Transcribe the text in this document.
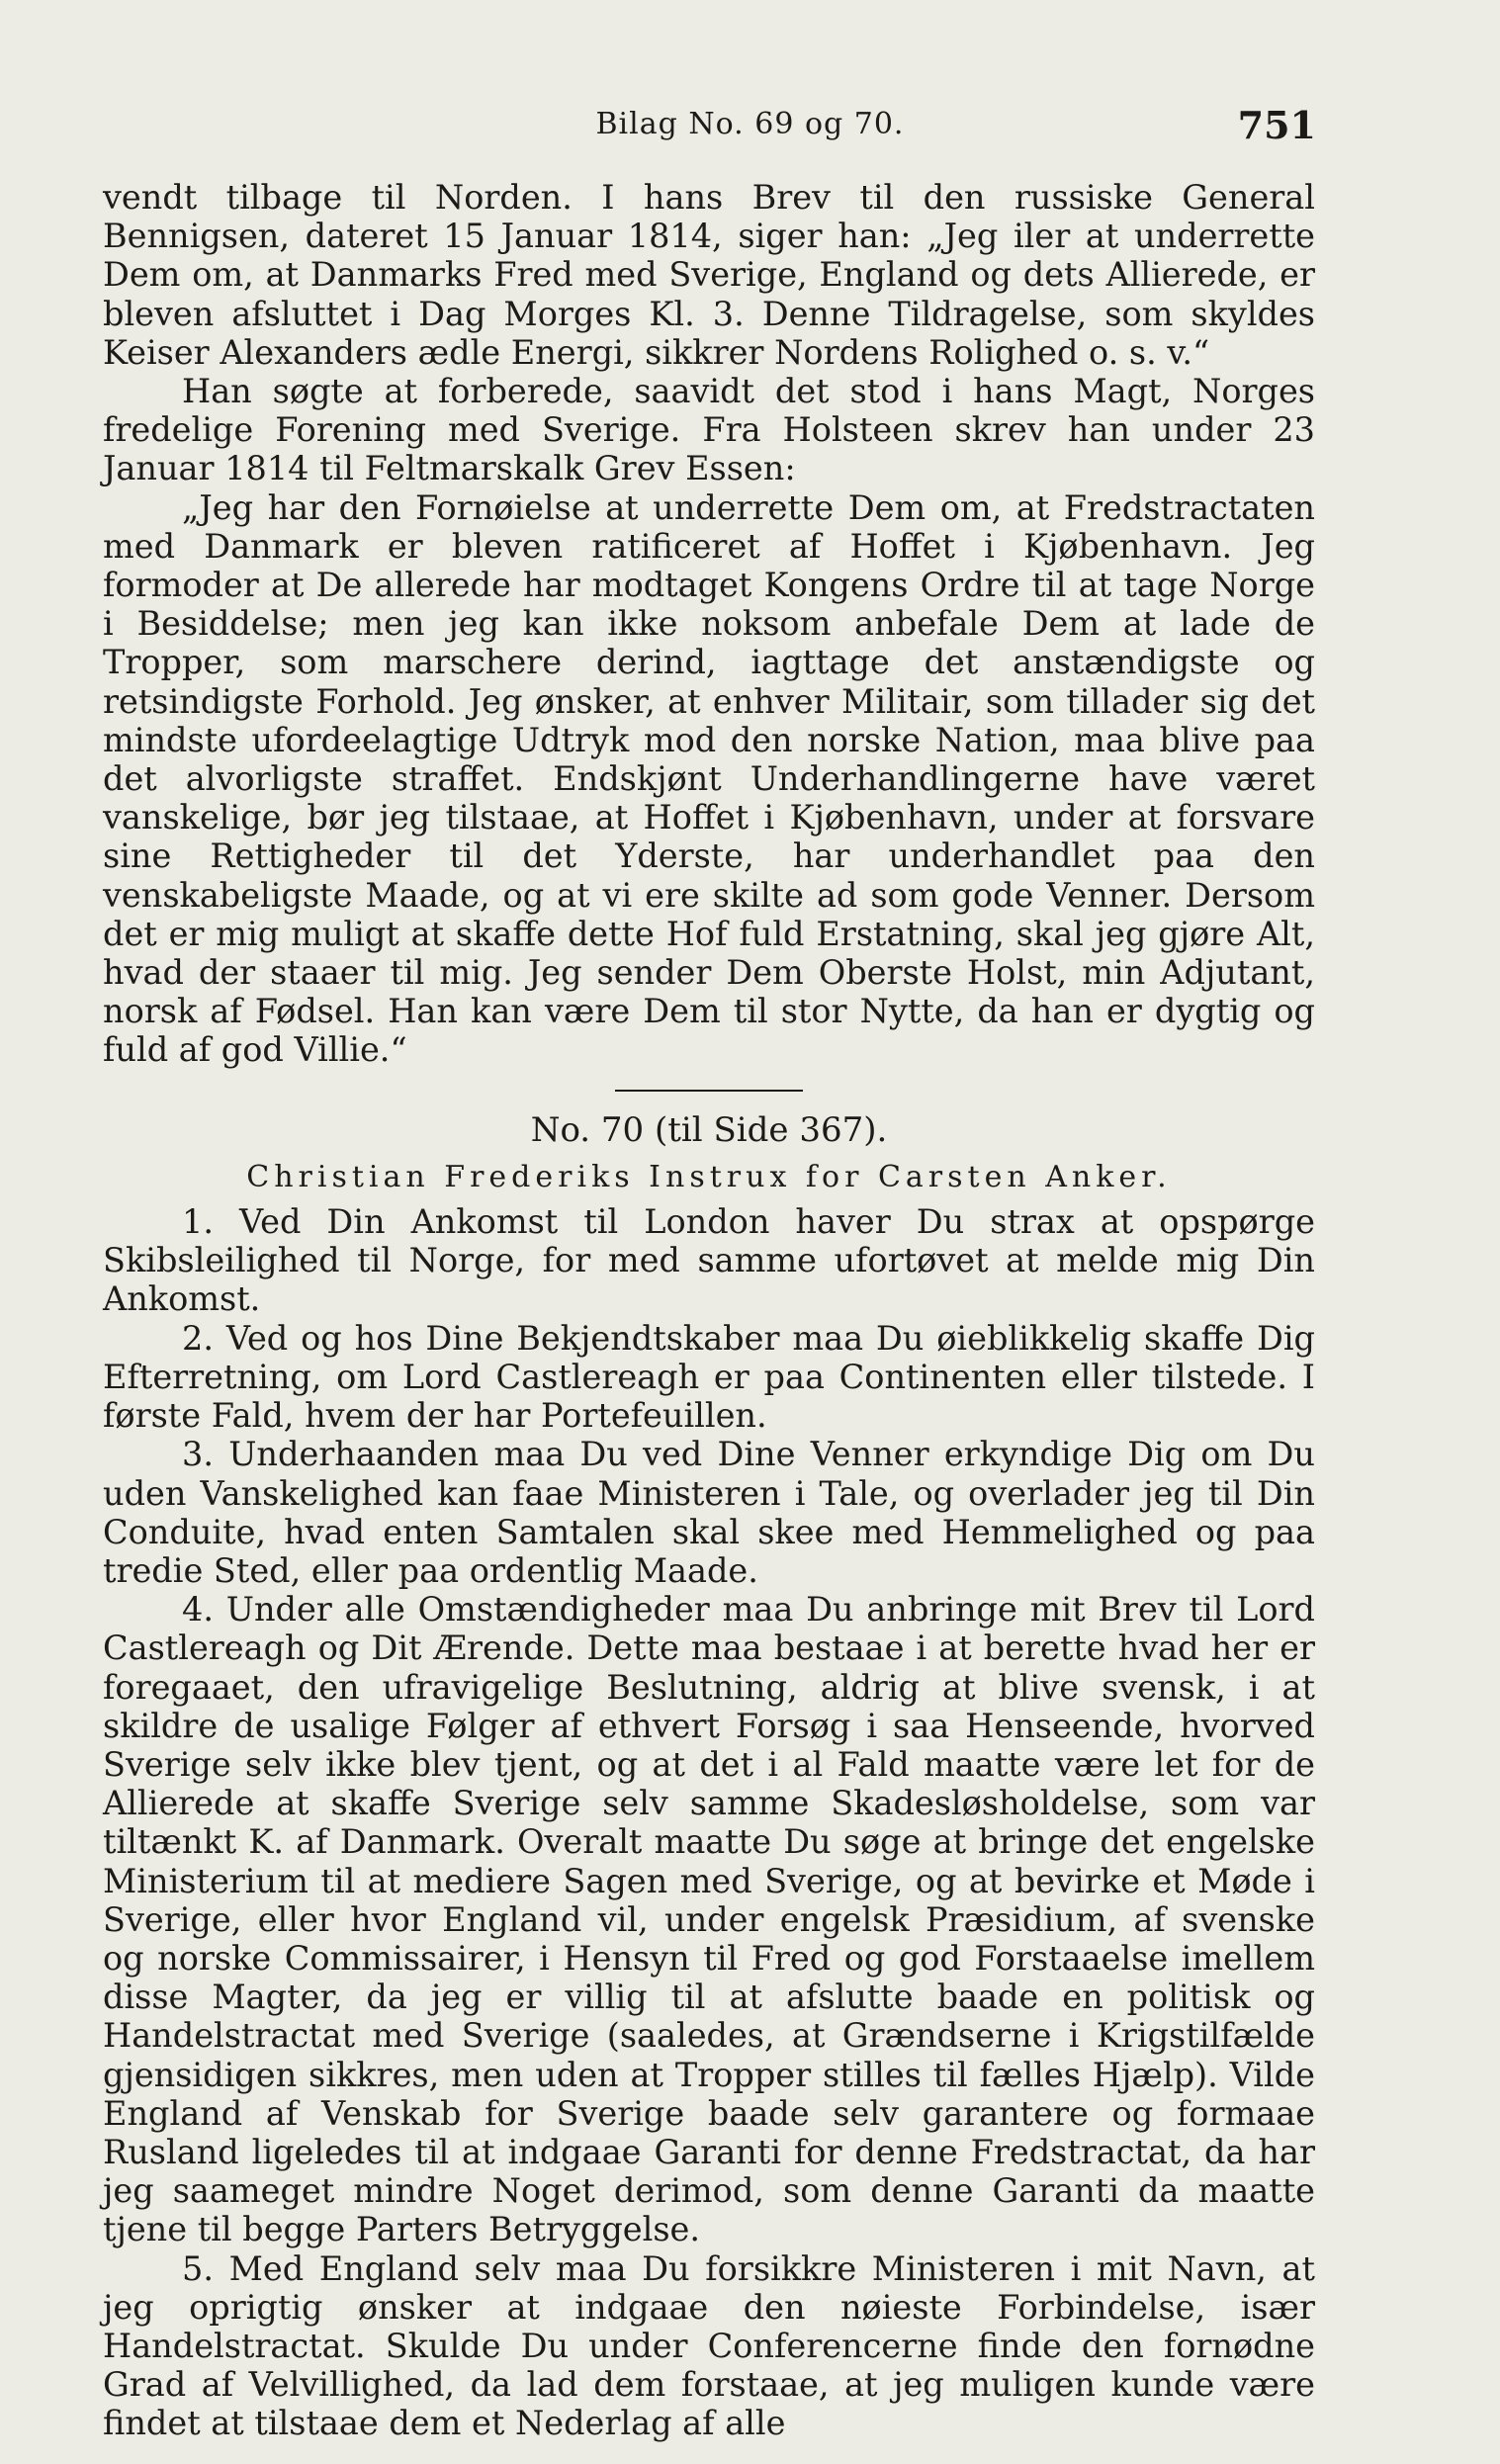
Bilag No. 69 og 70.	751

vendt tilbage til Norden. I hans Brev til den russiske General Bennigsen, dateret 15 Januar 1814, siger han: „Jeg iler at underrette Dem om, at Danmarks Fred med Sverige, England og dets Allierede, er bleven afsluttet i Dag Morges Kl. 3. Denne Tildragelse, som skyldes Keiser Alexanders ædle Energi, sikkrer Nordens Rolighed o. s. v.“

Han søgte at forberede, saavidt det stod i hans Magt, Norges fredelige Forening med Sverige. Fra Holsteen skrev han under 23 Januar 1814 til Feltmarskalk Grev Essen:

„Jeg har den Fornøielse at underrette Dem om, at Fredstractaten med Danmark er bleven ratificeret af Hoffet i Kjøbenhavn. Jeg formoder at De allerede har modtaget Kongens Ordre til at tage Norge i Besiddelse; men jeg kan ikke noksom anbefale Dem at lade de Tropper, som marschere derind, iagttage det anstændigste og retsindigste Forhold. Jeg ønsker, at enhver Militair, som tillader sig det mindste ufordeelagtige Udtryk mod den norske Nation, maa blive paa det alvorligste straffet. Endskjønt Underhandlingerne have været vanskelige, bør jeg tilstaae, at Hoffet i Kjøbenhavn, under at forsvare sine Rettigheder til det Yderste, har underhandlet paa den venskabeligste Maade, og at vi ere skilte ad som gode Venner. Dersom det er mig muligt at skaffe dette Hof fuld Erstatning, skal jeg gjøre Alt, hvad der staaer til mig. Jeg sender Dem Oberste Holst, min Adjutant, norsk af Fødsel. Han kan være Dem til stor Nytte, da han er dygtig og fuld af god Villie.“

No. 70 (til Side 367).

Christian Frederiks Instrux for Carsten Anker.

1. Ved Din Ankomst til London haver Du strax at opspørge Skibsleilighed til Norge, for med samme ufortøvet at melde mig Din Ankomst.

2. Ved og hos Dine Bekjendtskaber maa Du øieblikkelig skaffe Dig Efterretning, om Lord Castlereagh er paa Continenten eller tilstede. I første Fald, hvem der har Portefeuillen.

3. Underhaanden maa Du ved Dine Venner erkyndige Dig om Du uden Vanskelighed kan faae Ministeren i Tale, og overlader jeg til Din Conduite, hvad enten Samtalen skal skee med Hemmelighed og paa tredie Sted, eller paa ordentlig Maade.

4. Under alle Omstændigheder maa Du anbringe mit Brev til Lord Castlereagh og Dit Ærende. Dette maa bestaae i at berette hvad her er foregaaet, den ufravigelige Beslutning, aldrig at blive svensk, i at skildre de usalige Følger af ethvert Forsøg i saa Henseende, hvorved Sverige selv ikke blev tjent, og at det i al Fald maatte være let for de Allierede at skaffe Sverige selv samme Skadesløsholdelse, som var tiltænkt K. af Danmark. Overalt maatte Du søge at bringe det engelske Ministerium til at mediere Sagen med Sverige, og at bevirke et Møde i Sverige, eller hvor England vil, under engelsk Præsidium, af svenske og norske Commissairer, i Hensyn til Fred og god Forstaaelse imellem disse Magter, da jeg er villig til at afslutte baade en politisk og Handelstractat med Sverige (saaledes, at Grændserne i Krigstilfælde gjensidigen sikkres, men uden at Tropper stilles til fælles Hjælp). Vilde England af Venskab for Sverige baade selv garantere og formaae Rusland ligeledes til at indgaae Garanti for denne Fredstractat, da har jeg saameget mindre Noget derimod, som denne Garanti da maatte tjene til begge Parters Betryggelse.

5. Med England selv maa Du forsikkre Ministeren i mit Navn, at jeg oprigtig ønsker at indgaae den nøieste Forbindelse, især Handelstractat. Skulde Du under Conferencerne finde den fornødne Grad af Velvillighed, da lad dem forstaae, at jeg muligen kunde være findet at tilstaae dem et Nederlag af alle
